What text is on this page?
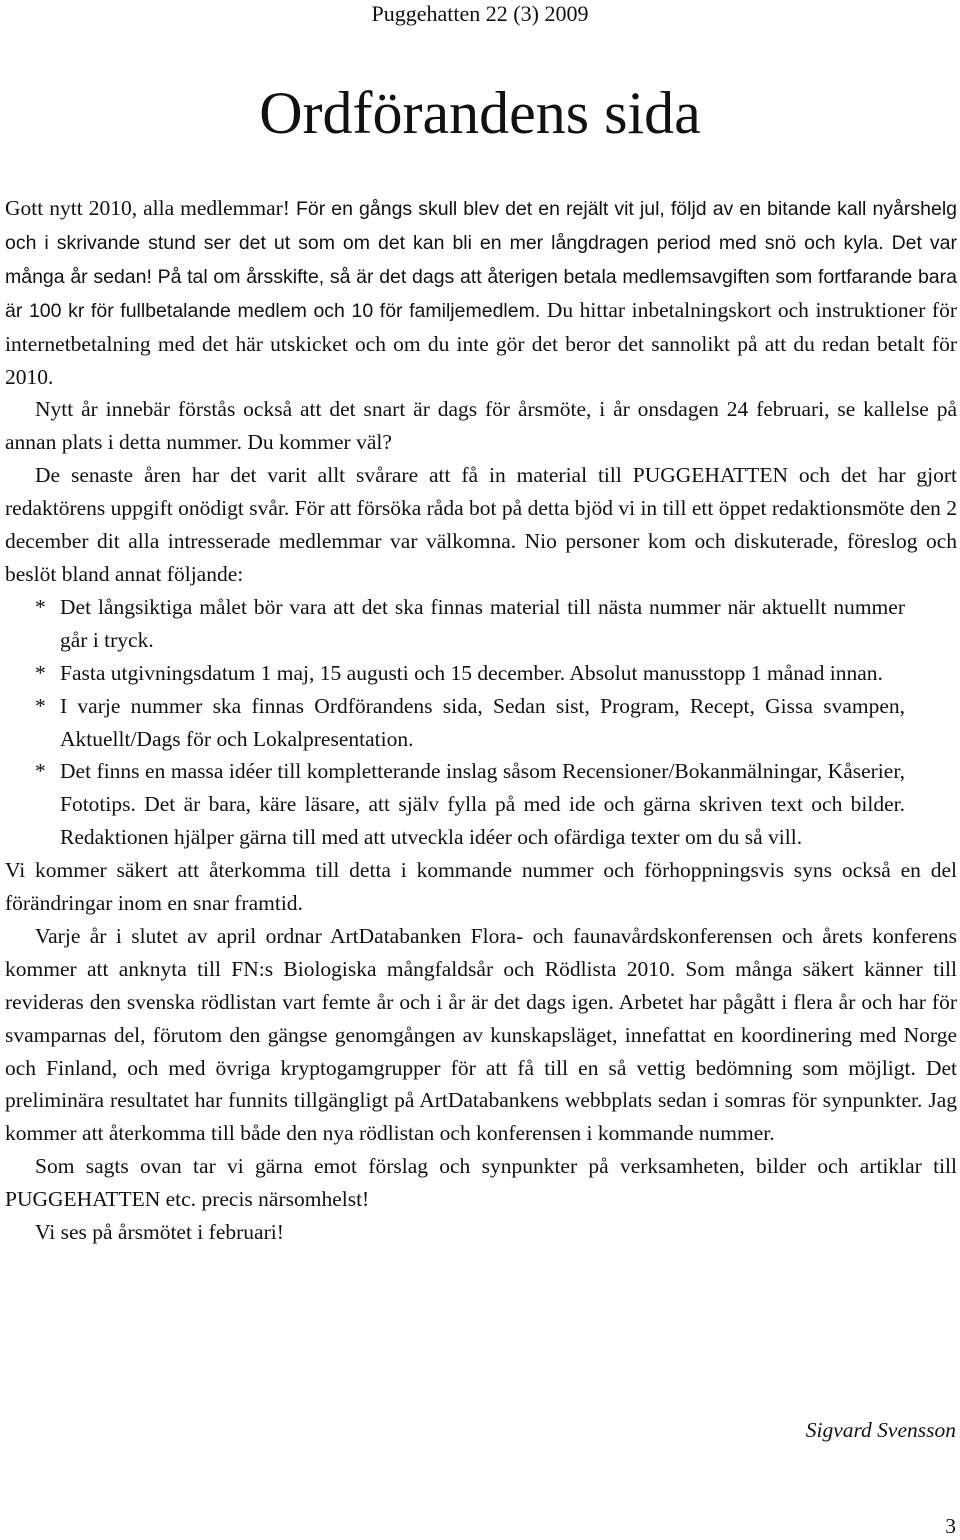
Puggehatten 22 (3) 2009
Ordförandens sida

Gott nytt 2010, alla medlemmar! För en gångs skull blev det en rejält vit jul, följd av en bitande kall nyårshelg och i skrivande stund ser det ut som om det kan bli en mer långdragen period med snö och kyla. Det var många år sedan! På tal om årsskifte, så är det dags att återigen betala medlemsavgiften som fortfarande bara är 100 kr för fullbetalande medlem och 10 för familjemedlem. Du hittar inbetalningskort och instruktioner för internetbetalning med det här utskicket och om du inte gör det beror det sannolikt på att du redan betalt för 2010.

Nytt år innebär förstås också att det snart är dags för årsmöte, i år onsdagen 24 februari, se kallelse på annan plats i detta nummer. Du kommer väl?

De senaste åren har det varit allt svårare att få in material till PUGGEHATTEN och det har gjort redaktörens uppgift onödigt svår. För att försöka råda bot på detta bjöd vi in till ett öppet redaktionsmöte den 2 december dit alla intresserade medlemmar var välkomna. Nio personer kom och diskuterade, föreslog och beslöt bland annat följande:

* Det långsiktiga målet bör vara att det ska finnas material till nästa nummer när aktuellt nummer går i tryck.
* Fasta utgivningsdatum 1 maj, 15 augusti och 15 december. Absolut manusstopp 1 månad innan.
* I varje nummer ska finnas Ordförandens sida, Sedan sist, Program, Recept, Gissa svampen, Aktuellt/Dags för och Lokalpresentation.
* Det finns en massa idéer till kompletterande inslag såsom Recensioner/Bokanmälningar, Kåserier, Fototips. Det är bara, käre läsare, att själv fylla på med ide och gärna skriven text och bilder. Redaktionen hjälper gärna till med att utveckla idéer och ofärdiga texter om du så vill.

Vi kommer säkert att återkomma till detta i kommande nummer och förhoppningsvis syns också en del förändringar inom en snar framtid.

Varje år i slutet av april ordnar ArtDatabanken Flora- och faunavårdskonferensen och årets konferens kommer att anknyta till FN:s Biologiska mångfaldsår och Rödlista 2010. Som många säkert känner till revideras den svenska rödlistan vart femte år och i år är det dags igen. Arbetet har pågått i flera år och har för svamparnas del, förutom den gängse genomgången av kunskapsläget, innefattat en koordinering med Norge och Finland, och med övriga kryptogamgrupper för att få till en så vettig bedömning som möjligt. Det preliminära resultatet har funnits tillgängligt på ArtDatabankens webbplats sedan i somras för synpunkter. Jag kommer att återkomma till både den nya rödlistan och konferensen i kommande nummer.

Som sagts ovan tar vi gärna emot förslag och synpunkter på verksamheten, bilder och artiklar till PUGGEHATTEN etc. precis närsomhelst!

Vi ses på årsmötet i februari!

Sigvard Svensson
3
